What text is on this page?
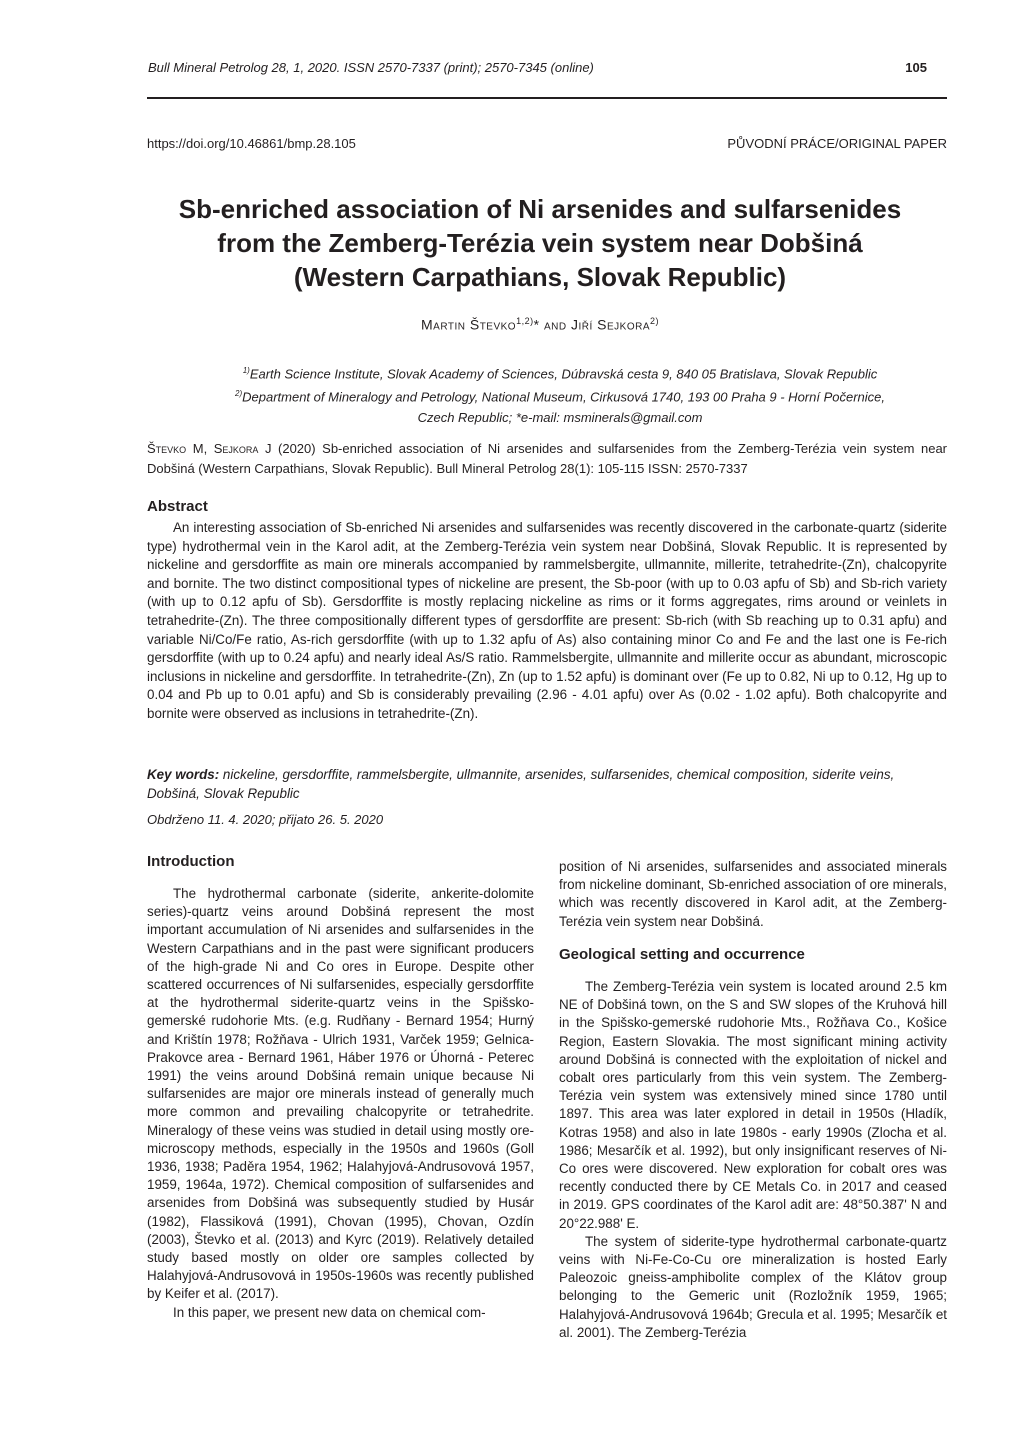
Bull Mineral Petrolog 28, 1, 2020. ISSN 2570-7337 (print); 2570-7345 (online)	105
https://doi.org/10.46861/bmp.28.105	PŮVODNÍ PRÁCE/ORIGINAL PAPER
Sb-enriched association of Ni arsenides and sulfarsenides
from the Zemberg-Terézia vein system near Dobšiná
(Western Carpathians, Slovak Republic)
Martin Števko$^{1,2)}$* and Jiří Sejkora$^{2)}$
$^{1)}$Earth Science Institute, Slovak Academy of Sciences, Dúbravská cesta 9, 840 05 Bratislava, Slovak Republic
$^{2)}$Department of Mineralogy and Petrology, National Museum, Cirkusová 1740, 193 00 Praha 9 - Horní Počernice,
Czech Republic; *e-mail: msminerals@gmail.com
Števko M, Sejkora J (2020) Sb-enriched association of Ni arsenides and sulfarsenides from the Zemberg-Terézia vein system near Dobšiná (Western Carpathians, Slovak Republic). Bull Mineral Petrolog 28(1): 105-115 ISSN: 2570-7337
Abstract

An interesting association of Sb-enriched Ni arsenides and sulfarsenides was recently discovered in the carbonate-quartz (siderite type) hydrothermal vein in the Karol adit, at the Zemberg-Terézia vein system near Dobšiná, Slovak Republic. It is represented by nickeline and gersdorffite as main ore minerals accompanied by rammelsbergite, ullmannite, millerite, tetrahedrite-(Zn), chalcopyrite and bornite. The two distinct compositional types of nickeline are present, the Sb-poor (with up to 0.03 apfu of Sb) and Sb-rich variety (with up to 0.12 apfu of Sb). Gersdorffite is mostly replacing nickeline as rims or it forms aggregates, rims around or veinlets in tetrahedrite-(Zn). The three compositionally different types of gersdorffite are present: Sb-rich (with Sb reaching up to 0.31 apfu) and variable Ni/Co/Fe ratio, As-rich gersdorffite (with up to 1.32 apfu of As) also containing minor Co and Fe and the last one is Fe-rich gersdorffite (with up to 0.24 apfu) and nearly ideal As/S ratio. Rammelsbergite, ullmannite and millerite occur as abundant, microscopic inclusions in nickeline and gersdorffite. In tetrahedrite-(Zn), Zn (up to 1.52 apfu) is dominant over (Fe up to 0.82, Ni up to 0.12, Hg up to 0.04 and Pb up to 0.01 apfu) and Sb is considerably prevailing (2.96 - 4.01 apfu) over As (0.02 - 1.02 apfu). Both chalcopyrite and bornite were observed as inclusions in tetrahedrite-(Zn).

Key words: nickeline, gersdorffite, rammelsbergite, ullmannite, arsenides, sulfarsenides, chemical composition, siderite veins, Dobšiná, Slovak Republic

Obdrženo 11. 4. 2020; přijato 26. 5. 2020
Introduction

The hydrothermal carbonate (siderite, ankerite-dolomite series)-quartz veins around Dobšiná represent the most important accumulation of Ni arsenides and sulfarsenides in the Western Carpathians and in the past were significant producers of the high-grade Ni and Co ores in Europe. Despite other scattered occurrences of Ni sulfarsenides, especially gersdorffite at the hydrothermal siderite-quartz veins in the Spišsko-gemerské rudohorie Mts. (e.g. Rudňany - Bernard 1954; Hurný and Krištín 1978; Rožňava - Ulrich 1931, Varček 1959; Gelnica-Prakovce area - Bernard 1961, Háber 1976 or Úhorná - Peterec 1991) the veins around Dobšiná remain unique because Ni sulfarsenides are major ore minerals instead of generally much more common and prevailing chalcopyrite or tetrahedrite. Mineralogy of these veins was studied in detail using mostly ore-microscopy methods, especially in the 1950s and 1960s (Goll 1936, 1938; Paděra 1954, 1962; Halahyjová-Andrusovová 1957, 1959, 1964a, 1972). Chemical composition of sulfarsenides and arsenides from Dobšiná was subsequently studied by Husár (1982), Flassiková (1991), Chovan (1995), Chovan, Ozdín (2003), Števko et al. (2013) and Kyrc (2019). Relatively detailed study based mostly on older ore samples collected by Halahyjová-Andrusovová in 1950s-1960s was recently published by Keifer et al. (2017).

In this paper, we present new data on chemical com-

position of Ni arsenides, sulfarsenides and associated minerals from nickeline dominant, Sb-enriched association of ore minerals, which was recently discovered in Karol adit, at the Zemberg-Terézia vein system near Dobšiná.

Geological setting and occurrence

The Zemberg-Terézia vein system is located around 2.5 km NE of Dobšiná town, on the S and SW slopes of the Kruhová hill in the Spišsko-gemerské rudohorie Mts., Rožňava Co., Košice Region, Eastern Slovakia. The most significant mining activity around Dobšiná is connected with the exploitation of nickel and cobalt ores particularly from this vein system. The Zemberg-Terézia vein system was extensively mined since 1780 until 1897. This area was later explored in detail in 1950s (Hladík, Kotras 1958) and also in late 1980s - early 1990s (Zlocha et al. 1986; Mesarčík et al. 1992), but only insignificant reserves of Ni-Co ores were discovered. New exploration for cobalt ores was recently conducted there by CE Metals Co. in 2017 and ceased in 2019. GPS coordinates of the Karol adit are: 48°50.387' N and 20°22.988' E.

The system of siderite-type hydrothermal carbonate-quartz veins with Ni-Fe-Co-Cu ore mineralization is hosted Early Paleozoic gneiss-amphibolite complex of the Klátov group belonging to the Gemeric unit (Rozložník 1959, 1965; Halahyjová-Andrusovová 1964b; Grecula et al. 1995; Mesarčík et al. 2001). The Zemberg-Terézia
